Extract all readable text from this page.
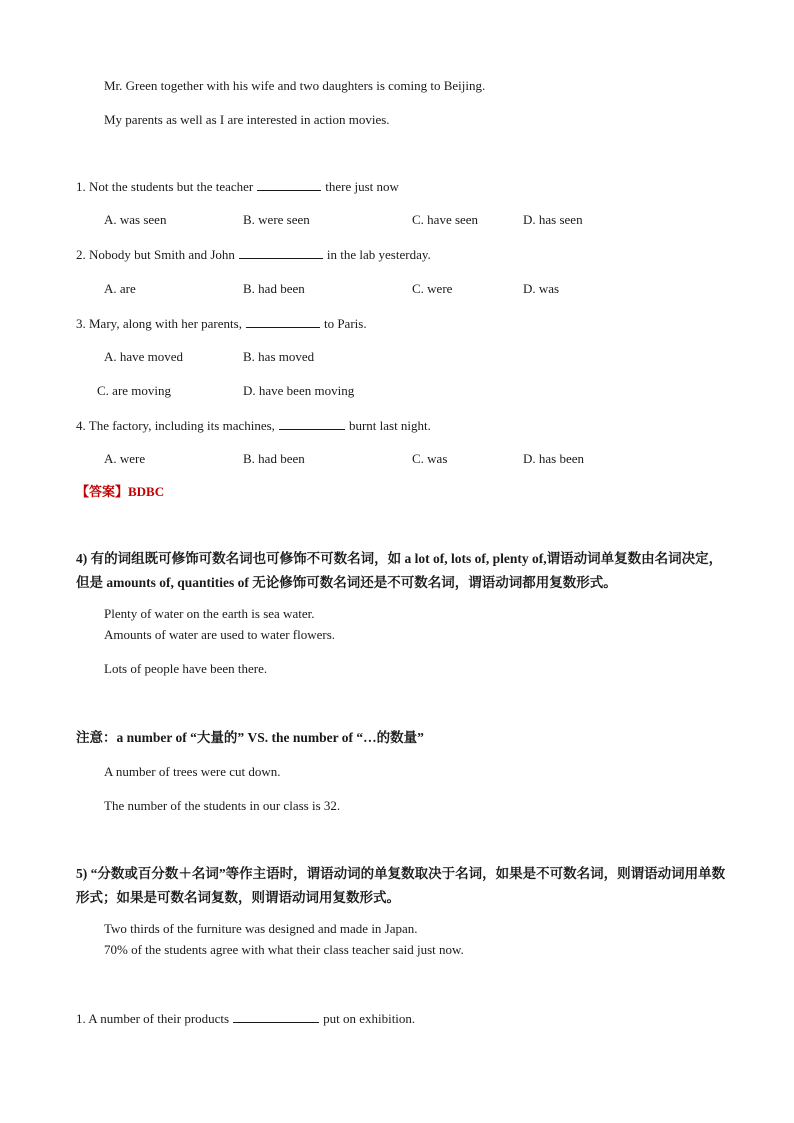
Mr. Green together with his wife and two daughters is coming to Beijing.
My parents as well as I are interested in action movies.
1. Not the students but the teacher	there just now
A. was seen	B. were seen	C. have seen	D. has seen
2. Nobody but Smith and John	in the lab yesterday.
A. are	B. had been	C. were	D. was
3. Mary, along with her parents,	to Paris.
A. have moved	B. has moved
C. are moving	D. have been moving
4. The factory, including its machines,	burnt last night.
A. were	B. had been	C. was	D. has been
【答案】BDBC
4) 有的词组既可修饰可数名词也可修饰不可数名词，如 a lot of, lots of, plenty of,谓语动词单复数由名词决定，但是 amounts of, quantities of 无论修饰可数名词还是不可数名词，谓语动词都用复数形式。
Plenty of water on the earth is sea water.
Amounts of water are used to water flowers.
Lots of people have been there.
注意：a number of “大量的” VS. the number of “…的数量”
A number of trees were cut down.
The number of the students in our class is 32.
5) “分数或百分数＋名词”等作主语时，谓语动词的单复数取决于名词，如果是不可数名词，则谓语动词用单数形式；如果是可数名词复数，则谓语动词用复数形式。
Two thirds of the furniture was designed and made in Japan.
70% of the students agree with what their class teacher said just now.
1. A number of their products	put on exhibition.
